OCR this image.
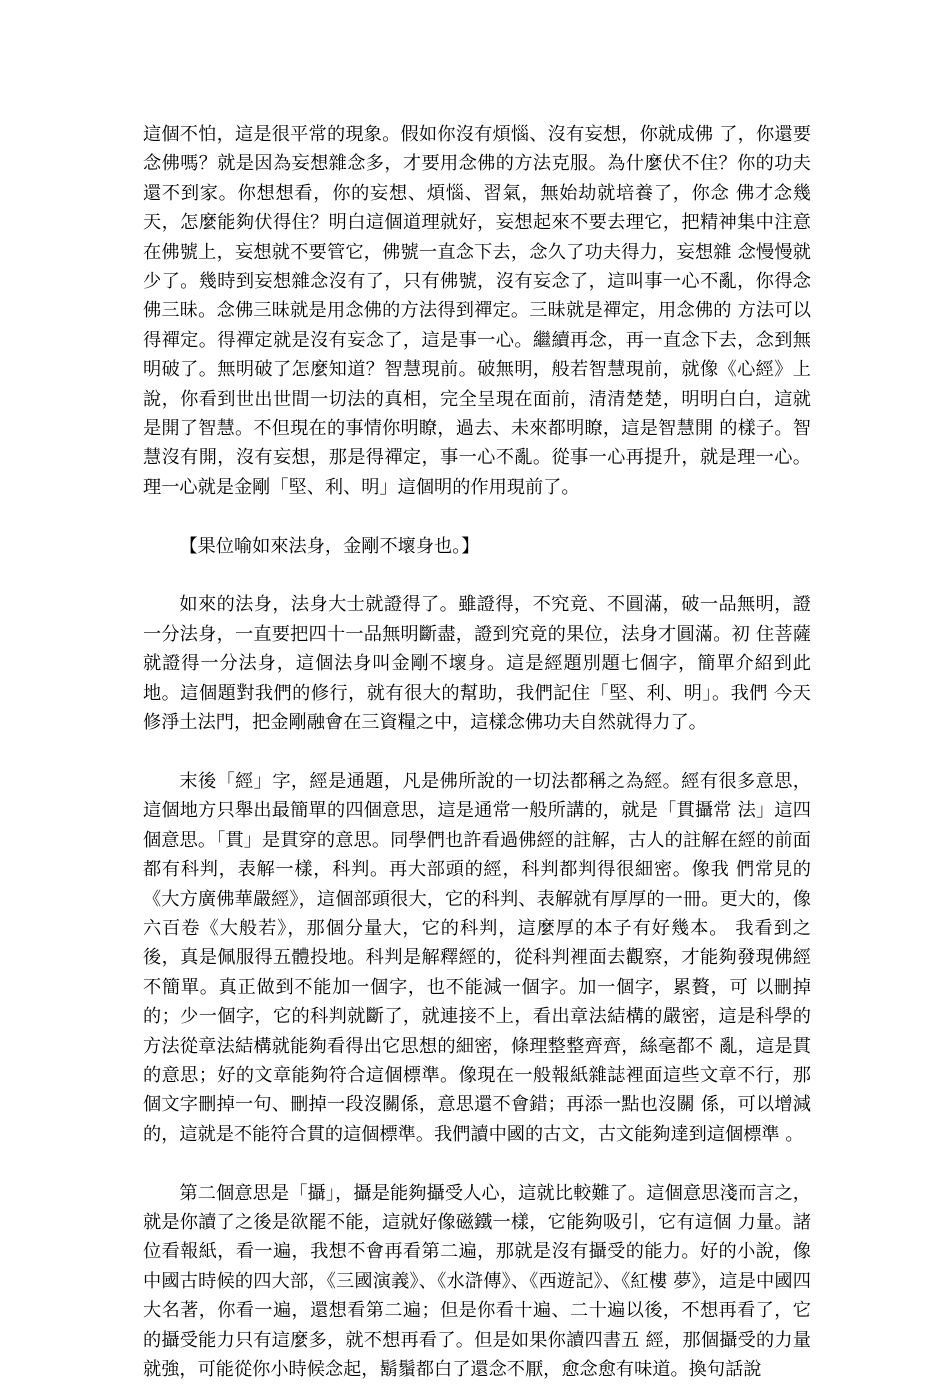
這個不怕，這是很平常的現象。假如你沒有煩惱、沒有妄想，你就成佛 了，你還要念佛嗎？就是因為妄想雜念多，才要用念佛的方法克服。為什麼伏不住？你的功夫還不到家。你想想看，你的妄想、煩惱、習氣，無始劫就培養了，你念 佛才念幾天，怎麼能夠伏得住？明白這個道理就好，妄想起來不要去理它，把精神集中注意在佛號上，妄想就不要管它，佛號一直念下去，念久了功夫得力，妄想雜 念慢慢就少了。幾時到妄想雜念沒有了，只有佛號，沒有妄念了，這叫事一心不亂，你得念佛三昧。念佛三昧就是用念佛的方法得到禪定。三昧就是禪定，用念佛的 方法可以得禪定。得禪定就是沒有妄念了，這是事一心。繼續再念，再一直念下去，念到無明破了。無明破了怎麼知道？智慧現前。破無明，般若智慧現前，就像《心經》上說，你看到世出世間一切法的真相，完全呈現在面前，清清楚楚，明明白白，這就是開了智慧。不但現在的事情你明瞭，過去、未來都明瞭，這是智慧開 的樣子。智慧沒有開，沒有妄想，那是得禪定，事一心不亂。從事一心再提升，就是理一心。理一心就是金剛「堅、利、明」這個明的作用現前了。

【果位喻如來法身，金剛不壞身也。】

如來的法身，法身大士就證得了。雖證得，不究竟、不圓滿，破一品無明，證一分法身，一直要把四十一品無明斷盡，證到究竟的果位，法身才圓滿。初 住菩薩就證得一分法身，這個法身叫金剛不壞身。這是經題別題七個字，簡單介紹到此地。這個題對我們的修行，就有很大的幫助，我們記住「堅、利、明」。我們 今天修淨土法門，把金剛融會在三資糧之中，這樣念佛功夫自然就得力了。

末後「經」字，經是通題，凡是佛所說的一切法都稱之為經。經有很多意思，這個地方只舉出最簡單的四個意思，這是通常一般所講的，就是「貫攝常 法」這四個意思。「貫」是貫穿的意思。同學們也許看過佛經的註解，古人的註解在經的前面都有科判，表解一樣，科判。再大部頭的經，科判都判得很細密。像我 們常見的《大方廣佛華嚴經》，這個部頭很大，它的科判、表解就有厚厚的一冊。更大的，像六百卷《大般若》，那個分量大，它的科判，這麼厚的本子有好幾本。 我看到之後，真是佩服得五體投地。科判是解釋經的，從科判裡面去觀察，才能夠發現佛經不簡單。真正做到不能加一個字，也不能減一個字。加一個字，累贅，可 以刪掉的；少一個字，它的科判就斷了，就連接不上，看出章法結構的嚴密，這是科學的方法從章法結構就能夠看得出它思想的細密，條理整整齊齊，絲毫都不 亂，這是貫的意思；好的文章能夠符合這個標準。像現在一般報紙雜誌裡面這些文章不行，那個文字刪掉一句、刪掉一段沒關係，意思還不會錯；再添一點也沒關 係，可以增減的，這就是不能符合貫的這個標準。我們讀中國的古文，古文能夠達到這個標準 。

第二個意思是「攝」，攝是能夠攝受人心，這就比較難了。這個意思淺而言之，就是你讀了之後是欲罷不能，這就好像磁鐵一樣，它能夠吸引，它有這個 力量。諸位看報紙，看一遍，我想不會再看第二遍，那就是沒有攝受的能力。好的小說，像中國古時候的四大部，《三國演義》、《水滸傳》、《西遊記》、《紅樓 夢》，這是中國四大名著，你看一遍，還想看第二遍；但是你看十遍、二十遍以後，不想再看了，它的攝受能力只有這麼多，就不想再看了。但是如果你讀四書五 經，那個攝受的力量就強，可能從你小時候念起，鬍鬚都白了還念不厭，愈念愈有味道。換句話說
